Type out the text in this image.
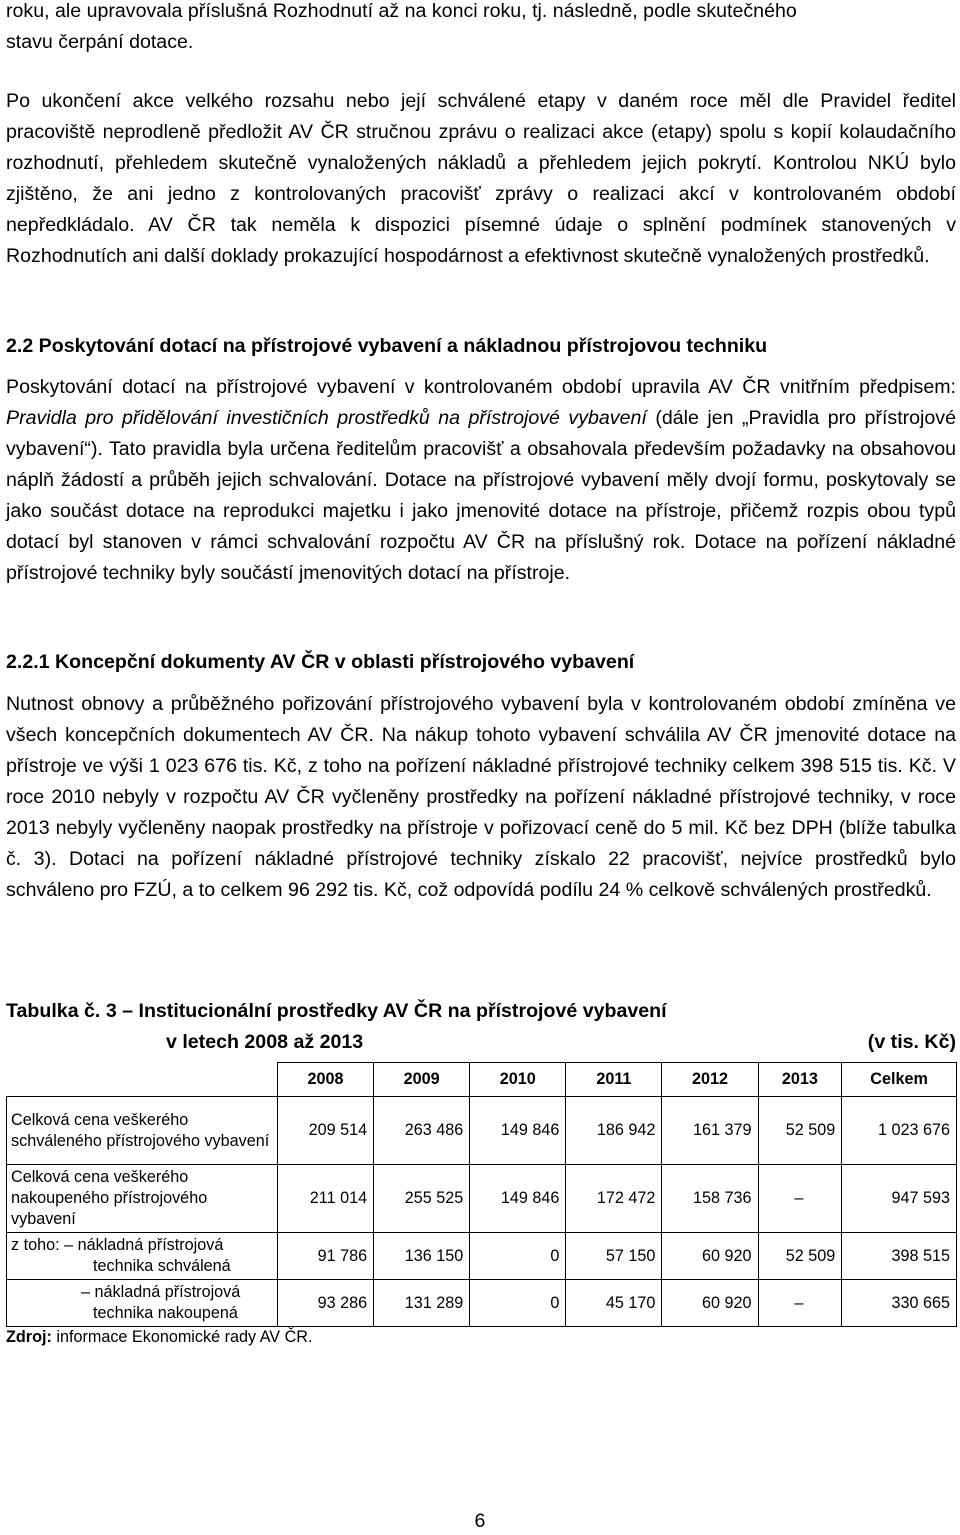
roku, ale upravovala příslušná Rozhodnutí až na konci roku, tj. následně, podle skutečného
stavu čerpání dotace.

Po ukončení akce velkého rozsahu nebo její schválené etapy v daném roce měl dle Pravidel ředitel pracoviště neprodleně předložit AV ČR stručnou zprávu o realizaci akce (etapy) spolu s kopií kolaudačního rozhodnutí, přehledem skutečně vynaložených nákladů a přehledem jejich pokrytí. Kontrolou NKÚ bylo zjištěno, že ani jedno z kontrolovaných pracovišť zprávy o realizaci akcí v kontrolovaném období nepředkládalo. AV ČR tak neměla k dispozici písemné údaje o splnění podmínek stanovených v Rozhodnutích ani další doklady prokazující hospodárnost a efektivnost skutečně vynaložených prostředků.

2.2 Poskytování dotací na přístrojové vybavení a nákladnou přístrojovou techniku

Poskytování dotací na přístrojové vybavení v kontrolovaném období upravila AV ČR vnitřním předpisem: Pravidla pro přidělování investičních prostředků na přístrojové vybavení (dále jen „Pravidla pro přístrojové vybavení“). Tato pravidla byla určena ředitelům pracovišť a obsahovala především požadavky na obsahovou náplň žádostí a průběh jejich schvalování. Dotace na přístrojové vybavení měly dvojí formu, poskytovaly se jako součást dotace na reprodukci majetku i jako jmenovité dotace na přístroje, přičemž rozpis obou typů dotací byl stanoven v rámci schvalování rozpočtu AV ČR na příslušný rok. Dotace na pořízení nákladné přístrojové techniky byly součástí jmenovitých dotací na přístroje.

2.2.1 Koncepční dokumenty AV ČR v oblasti přístrojového vybavení

Nutnost obnovy a průběžného pořizování přístrojového vybavení byla v kontrolovaném období zmíněna ve všech koncepčních dokumentech AV ČR. Na nákup tohoto vybavení schválila AV ČR jmenovité dotace na přístroje ve výši 1 023 676 tis. Kč, z toho na pořízení nákladné přístrojové techniky celkem 398 515 tis. Kč. V roce 2010 nebyly v rozpočtu AV ČR vyčleněny prostředky na pořízení nákladné přístrojové techniky, v roce 2013 nebyly vyčleněny naopak prostředky na přístroje v pořizovací ceně do 5 mil. Kč bez DPH (blíže tabulka č. 3). Dotaci na pořízení nákladné přístrojové techniky získalo 22 pracovišť, nejvíce prostředků bylo schváleno pro FZÚ, a to celkem 96 292 tis. Kč, což odpovídá podílu 24 % celkově schválených prostředků.

Tabulka č. 3 – Institucionální prostředky AV ČR na přístrojové vybavení
v letech 2008 až 2013	(v tis. Kč)
	2008	2009	2010	2011	2012	2013	Celkem
Celková cena veškerého schváleného přístrojového vybavení	209 514	263 486	149 846	186 942	161 379	52 509	1 023 676
Celková cena veškerého nakoupeného přístrojového vybavení	211 014	255 525	149 846	172 472	158 736	–	947 593
z toho: – nákladná přístrojová
technika schválená	91 786	136 150	0	57 150	60 920	52 509	398 515

– nákladná přístrojová
technika nakoupená	93 286	131 289	0	45 170	60 920	–	330 665
Zdroj: informace Ekonomické rady AV ČR.
6
